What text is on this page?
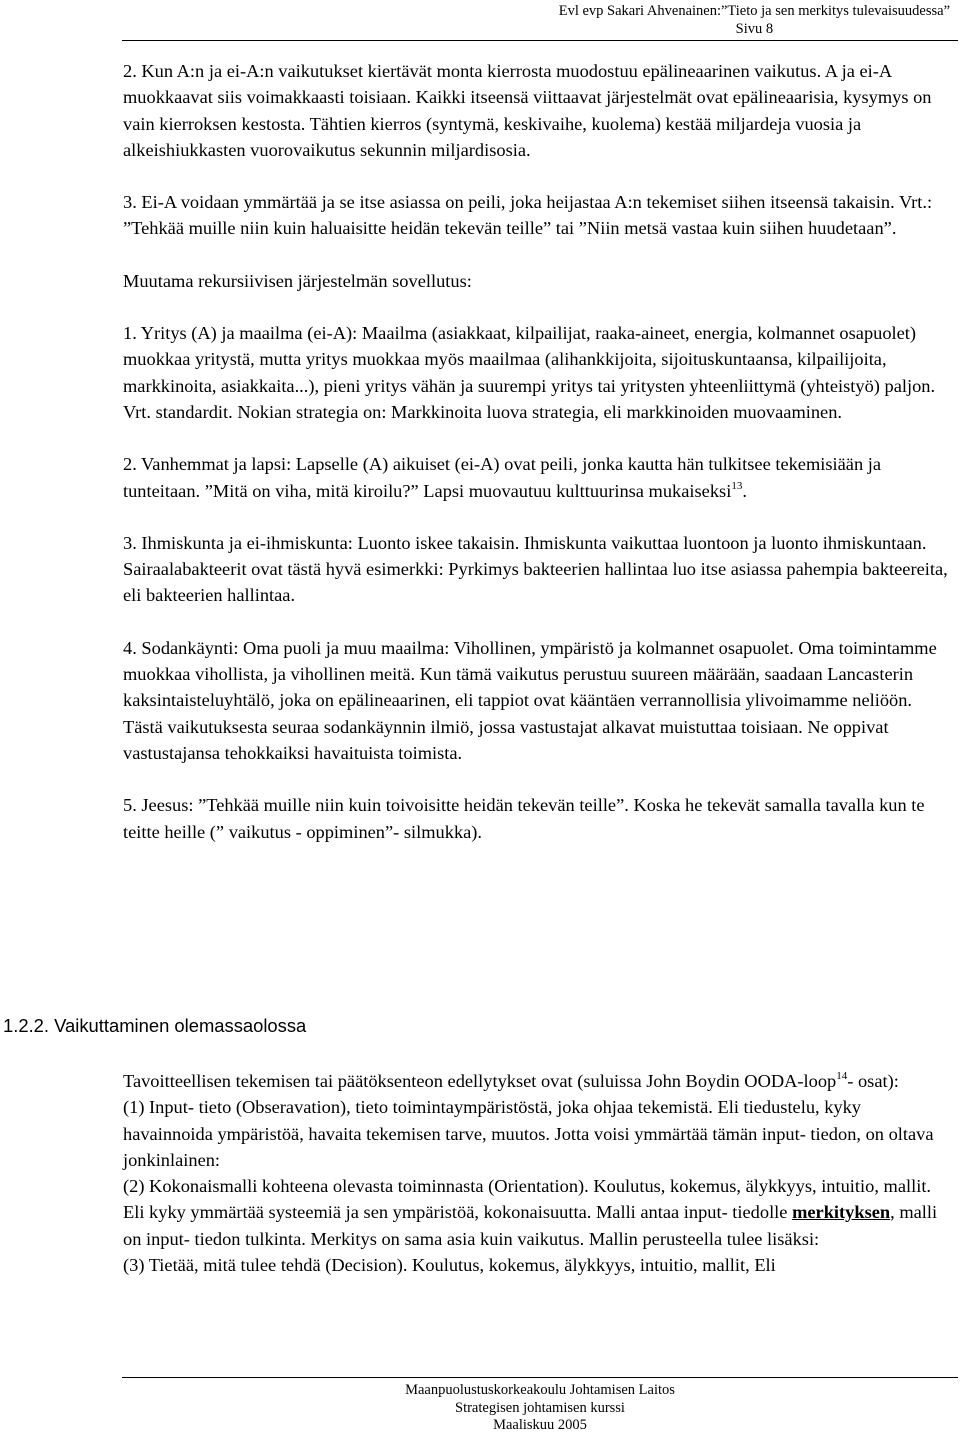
Evl evp Sakari Ahvenainen:”Tieto ja sen merkitys tulevaisuudessa”
Sivu 8

2. Kun A:n ja ei-A:n vaikutukset kiertävät monta kierrosta muodostuu epälineaarinen vaikutus. A ja ei-A muokkaavat siis voimakkaasti toisiaan. Kaikki itseensä viittaavat järjestelmät ovat epälineaarisia, kysymys on vain kierroksen kestosta. Tähtien kierros (syntymä, keskivaihe, kuolema) kestää miljardeja vuosia ja alkeishiukkasten vuorovaikutus sekunnin miljardisosia.

3. Ei-A voidaan ymmärtää ja se itse asiassa on peili, joka heijastaa A:n tekemiset siihen itseensä takaisin. Vrt.: ”Tehkää muille niin kuin haluaisitte heidän tekevän teille” tai ”Niin metsä vastaa kuin siihen huudetaan”.

Muutama rekursiivisen järjestelmän sovellutus:

1. Yritys (A) ja maailma (ei-A): Maailma (asiakkaat, kilpailijat, raaka-aineet, energia, kolmannet osapuolet) muokkaa yritystä, mutta yritys muokkaa myös maailmaa (alihankkijoita, sijoituskuntaansa, kilpailijoita, markkinoita, asiakkaita...), pieni yritys vähän ja suurempi yritys tai yritysten yhteenliittymä (yhteistyö) paljon. Vrt. standardit. Nokian strategia on: Markkinoita luova strategia, eli markkinoiden muovaaminen.

2. Vanhemmat ja lapsi: Lapselle (A) aikuiset (ei-A) ovat peili, jonka kautta hän tulkitsee tekemisiään ja tunteitaan. ”Mitä on viha, mitä kiroilu?” Lapsi muovautuu kulttuurinsa mukaiseksi$^{13}$.

3. Ihmiskunta ja ei-ihmiskunta: Luonto iskee takaisin. Ihmiskunta vaikuttaa luontoon ja luonto ihmiskuntaan. Sairaalabakteerit ovat tästä hyvä esimerkki: Pyrkimys bakteerien hallintaa luo itse asiassa pahempia bakteereita, eli bakteerien hallintaa.

4. Sodankäynti: Oma puoli ja muu maailma: Vihollinen, ympäristö ja kolmannet osapuolet. Oma toimintamme muokkaa vihollista, ja vihollinen meitä. Kun tämä vaikutus perustuu suureen määrään, saadaan Lancasterin kaksintaisteluyhtälö, joka on epälineaarinen, eli tappiot ovat kääntäen verrannollisia ylivoimamme neliöön. Tästä vaikutuksesta seuraa sodankäynnin ilmiö, jossa vastustajat alkavat muistuttaa toisiaan. Ne oppivat vastustajansa tehokkaiksi havaituista toimista.

5. Jeesus: ”Tehkää muille niin kuin toivoisitte heidän tekevän teille”. Koska he tekevät samalla tavalla kun te teitte heille (” vaikutus - oppiminen”- silmukka).

1.2.2. Vaikuttaminen olemassaolossa

Tavoitteellisen tekemisen tai päätöksenteon edellytykset ovat (suluissa John Boydin OODA-loop$^{14}$- osat):

(1) Input- tieto (Obseravation), tieto toimintaympäristöstä, joka ohjaa tekemistä. Eli tiedustelu, kyky havainnoida ympäristöä, havaita tekemisen tarve, muutos. Jotta voisi ymmärtää tämän input- tiedon, on oltava jonkinlainen:

(2) Kokonaismalli kohteena olevasta toiminnasta (Orientation). Koulutus, kokemus, älykkyys, intuitio, mallit. Eli kyky ymmärtää systeemiä ja sen ympäristöä, kokonaisuutta. Malli antaa input- tiedolle merkityksen, malli on input- tiedon tulkinta. Merkitys on sama asia kuin vaikutus. Mallin perusteella tulee lisäksi:

(3) Tietää, mitä tulee tehdä (Decision). Koulutus, kokemus, älykkyys, intuitio, mallit, Eli

Maanpuolustuskorkeakoulu Johtamisen Laitos
Strategisen johtamisen kurssi
Maaliskuu 2005
